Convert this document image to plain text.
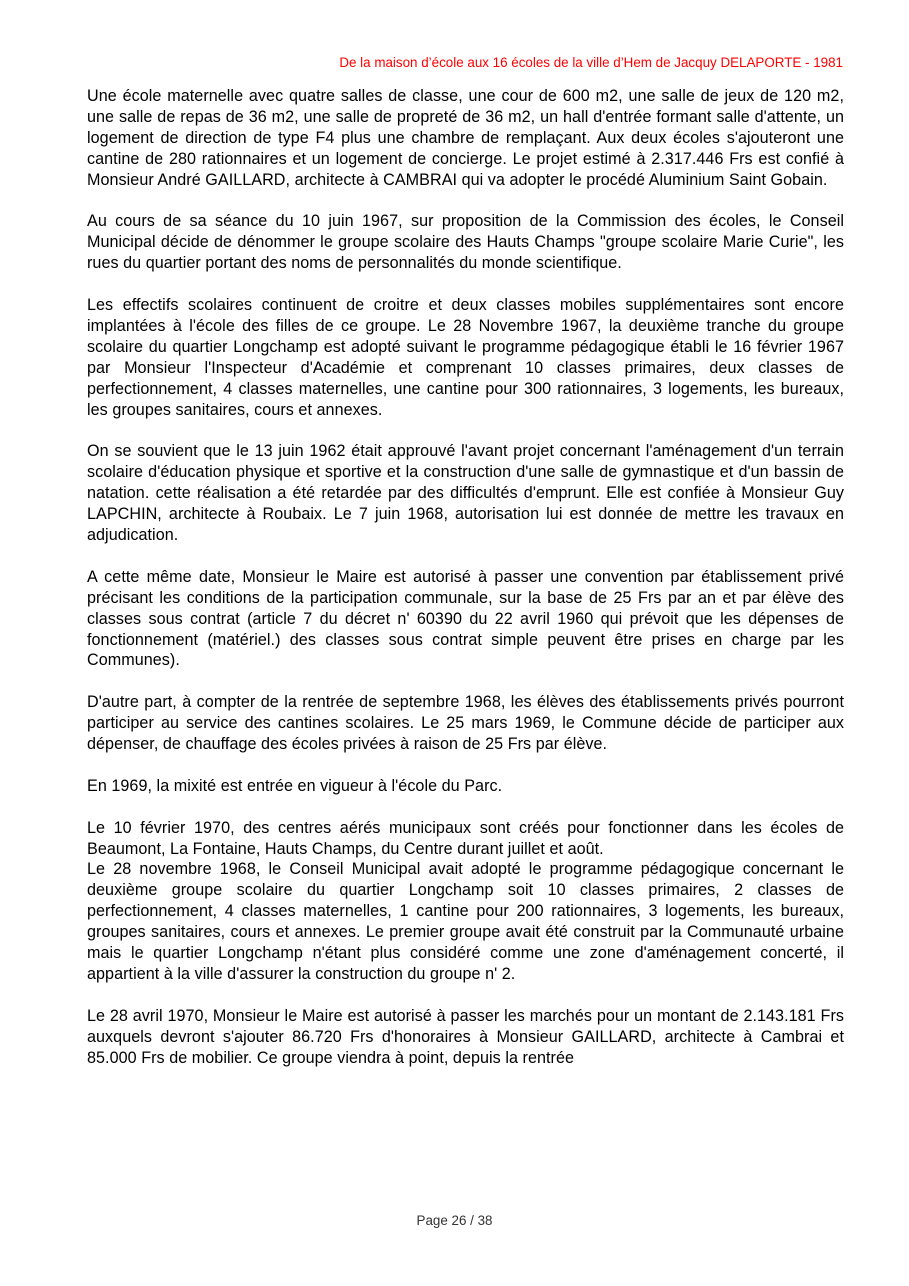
De la maison d’école aux 16 écoles de la ville d’Hem de Jacquy DELAPORTE - 1981

Une école maternelle avec quatre salles de classe, une cour de 600 m2, une salle de jeux de 120 m2, une salle de repas de 36 m2, une salle de propreté de 36 m2, un hall d'entrée formant salle d'attente, un logement de direction de type F4 plus une chambre de remplaçant. Aux deux écoles s'ajouteront une cantine de 280 rationnaires et un logement de concierge. Le projet estimé à 2.317.446 Frs est confié à Monsieur André GAILLARD, architecte à CAMBRAI qui va adopter le procédé Aluminium Saint Gobain.

Au cours de sa séance du 10 juin 1967, sur proposition de la Commission des écoles, le Conseil Municipal décide de dénommer le groupe scolaire des Hauts Champs "groupe scolaire Marie Curie", les rues du quartier portant des noms de personnalités du monde scientifique.

Les effectifs scolaires continuent de croitre et deux classes mobiles supplémentaires sont encore implantées à l'école des filles de ce groupe. Le 28 Novembre 1967, la deuxième tranche du groupe scolaire du quartier Longchamp est adopté suivant le programme pédagogique établi le 16 février 1967 par Monsieur l'Inspecteur d'Académie et comprenant 10 classes primaires, deux classes de perfectionnement, 4 classes maternelles, une cantine pour 300 rationnaires, 3 logements, les bureaux, les groupes sanitaires, cours et annexes.

On se souvient que le 13 juin 1962 était approuvé l'avant projet concernant l'aménagement d'un terrain scolaire d'éducation physique et sportive et la construction d'une salle de gymnastique et d'un bassin de natation. cette réalisation a été retardée par des difficultés d'emprunt. Elle est confiée à Monsieur Guy LAPCHIN, architecte à Roubaix. Le 7 juin 1968, autorisation lui est donnée de mettre les travaux en adjudication.

A cette même date, Monsieur le Maire est autorisé à passer une convention par établissement privé précisant les conditions de la participation communale, sur la base de 25 Frs par an et par élève des classes sous contrat (article 7 du décret n' 60390 du 22 avril 1960 qui prévoit que les dépenses de fonctionnement (matériel.) des classes sous contrat simple peuvent être prises en charge par les Communes).

D'autre part, à compter de la rentrée de septembre 1968, les élèves des établissements privés pourront participer au service des cantines scolaires. Le 25 mars 1969, le Commune décide de participer aux dépenser, de chauffage des écoles privées à raison de 25 Frs par élève.

En 1969, la mixité est entrée en vigueur à l'école du Parc.

Le 10 février 1970, des centres aérés municipaux sont créés pour fonctionner dans les écoles de Beaumont, La Fontaine, Hauts Champs, du Centre durant juillet et août.

Le 28 novembre 1968, le Conseil Municipal avait adopté le programme pédagogique concernant le deuxième groupe scolaire du quartier Longchamp soit 10 classes primaires, 2 classes de perfectionnement, 4 classes maternelles, 1 cantine pour 200 rationnaires, 3 logements, les bureaux, groupes sanitaires, cours et annexes. Le premier groupe avait été construit par la Communauté urbaine mais le quartier Longchamp n'étant plus considéré comme une zone d'aménagement concerté, il appartient à la ville d'assurer la construction du groupe n' 2.

Le 28 avril 1970, Monsieur le Maire est autorisé à passer les marchés pour un montant de 2.143.181 Frs auxquels devront s'ajouter 86.720 Frs d'honoraires à Monsieur GAILLARD, architecte à Cambrai et 85.000 Frs de mobilier. Ce groupe viendra à point, depuis la rentrée

Page 26 / 38
